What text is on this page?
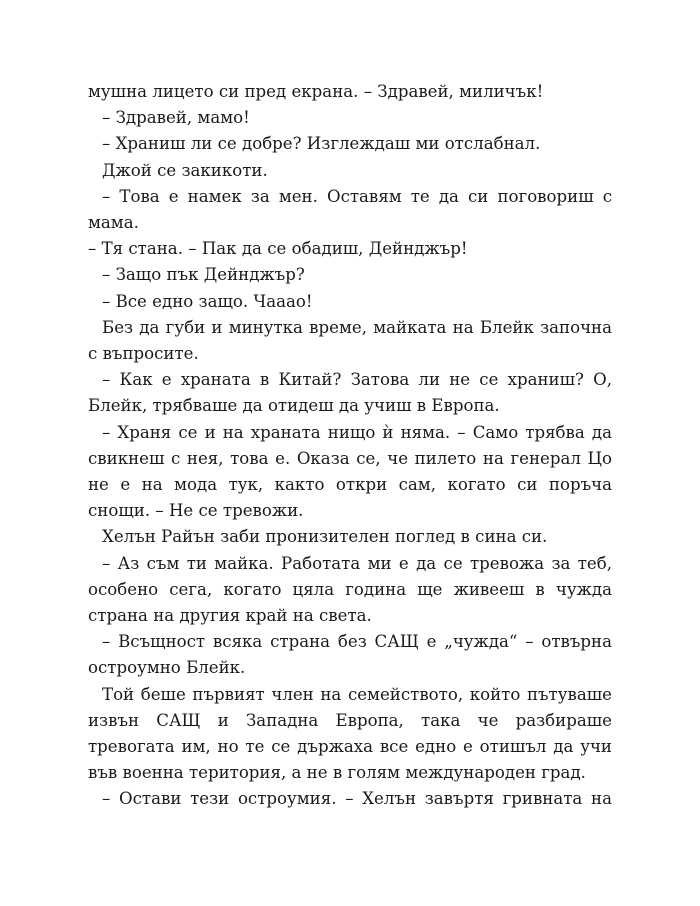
мушна лицето си пред екрана. – Здравей, миличък!

– Здравей, мамо!

– Храниш ли се добре? Изглеждаш ми отслабнал.

Джой се закикоти.

– Това е намек за мен. Оставям те да си поговориш с мама.

– Тя стана. – Пак да се обадиш, Дейнджър!

– Защо пък Дейнджър?

– Все едно защо. Чааао!

Без да губи и минутка време, майката на Блейк започна с въпросите.

– Как е храната в Китай? Затова ли не се храниш? О, Блейк, трябваше да отидеш да учиш в Европа.

– Храня се и на храната нищо ѝ няма. – Само трябва да свикнеш с нея, това е. Оказа се, че пилето на генерал Цо не е на мода тук, както откри сам, когато си поръча снощи. – Не се тревожи.

Хелън Райън заби пронизителен поглед в сина си.

– Аз съм ти майка. Работата ми е да се тревожа за теб, особено сега, когато цяла година ще живееш в чужда страна на другия край на света.

– Всъщност всяка страна без САЩ е „чужда“ – отвърна остроумно Блейк.

Той беше първият член на семейството, който пътуваше извън САЩ и Западна Европа, така че разбираше тревогата им, но те се държаха все едно е отишъл да учи във военна територия, а не в голям международен град.

– Остави тези остроумия. – Хелън завъртя гривната на
